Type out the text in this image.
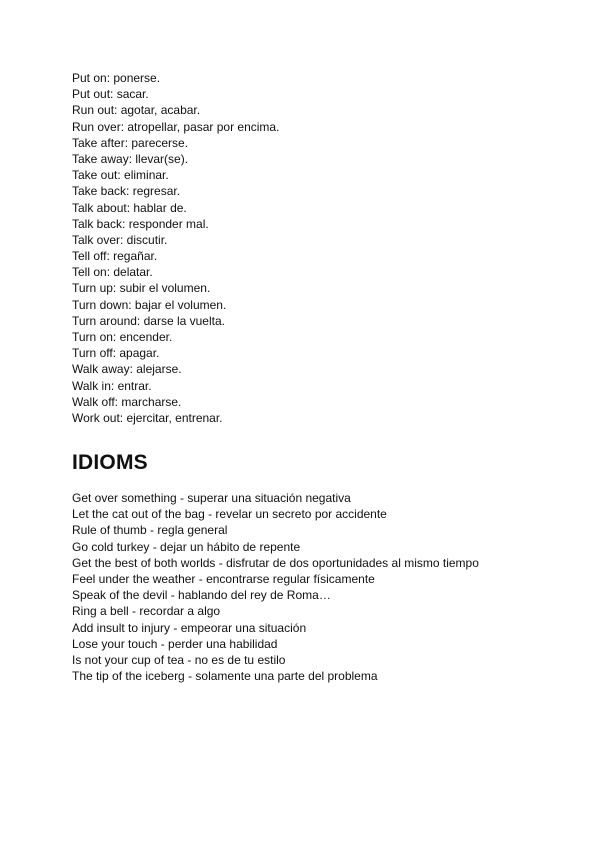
Put on: ponerse.
Put out: sacar.
Run out: agotar, acabar.
Run over: atropellar, pasar por encima.
Take after: parecerse.
Take away: llevar(se).
Take out: eliminar.
Take back: regresar.
Talk about: hablar de.
Talk back: responder mal.
Talk over: discutir.
Tell off: regañar.
Tell on: delatar.
Turn up: subir el volumen.
Turn down: bajar el volumen.
Turn around: darse la vuelta.
Turn on: encender.
Turn off: apagar.
Walk away: alejarse.
Walk in: entrar.
Walk off: marcharse.
Work out: ejercitar, entrenar.
IDIOMS
Get over something - superar una situación negativa
Let the cat out of the bag - revelar un secreto por accidente
Rule of thumb - regla general
Go cold turkey - dejar un hábito de repente
Get the best of both worlds - disfrutar de dos oportunidades al mismo tiempo
Feel under the weather - encontrarse regular físicamente
Speak of the devil - hablando del rey de Roma…
Ring a bell - recordar a algo
Add insult to injury - empeorar una situación
Lose your touch - perder una habilidad
Is not your cup of tea - no es de tu estilo
The tip of the iceberg - solamente una parte del problema
